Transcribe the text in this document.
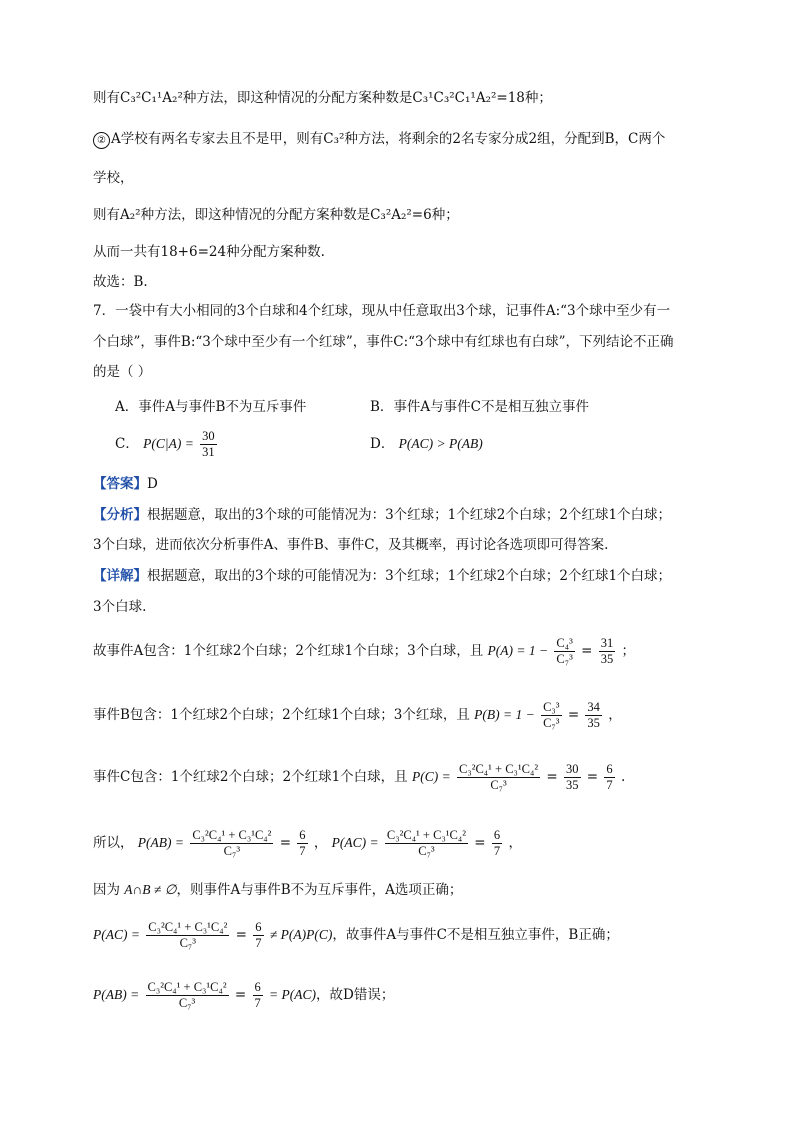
则有C₃²C₁¹A₂²种方法，即这种情况的分配方案种数是C₃¹C₃²C₁¹A₂²=18种；
② A学校有两名专家去且不是甲，则有C₃²种方法，将剩余的2名专家分成2组，分配到B，C两个
学校，
则有A₂²种方法，即这种情况的分配方案种数是C₃²A₂²=6种；
从而一共有18+6=24种分配方案种数.
故选：B.
7．一袋中有大小相同的3个白球和4个红球，现从中任意取出3个球，记事件A:“3个球中至少有一
个白球”，事件B:“3个球中至少有一个红球”，事件C:“3个球中有红球也有白球”，下列结论不正确
的是（ ）
A．事件A与事件B不为互斥事件	B．事件A与事件C不是相互独立事件
C． $P(C|A) = \frac{30}{31}$	D． P(AC) > P(AB)
【答案】D
【分析】根据题意，取出的3个球的可能情况为：3个红球；1个红球2个白球；2个红球1个白球；
3个白球，进而依次分析事件A、事件B、事件C，及其概率，再讨论各选项即可得答案.
【详解】根据题意，取出的3个球的可能情况为：3个红球；1个红球2个白球；2个红球1个白球；
3个白球.
故事件A包含：1个红球2个白球；2个红球1个白球；3个白球，且 $P(A) = 1 - \frac{\text{C₄³}}{\text{C₇³}} = \frac{31}{35}$ ；
事件B包含：1个红球2个白球；2个红球1个白球；3个红球，且 $P(B) = 1 - \frac{\text{C₃³}}{\text{C₇³}} = \frac{34}{35}$ ，
事件C包含：1个红球2个白球；2个红球1个白球，且 $P(C) = \frac{\text{C₃²C₄¹ + C₃¹C₄²}}{\text{C₇³}} = \frac{30}{35} = \frac{6}{7}$ .
所以， $P(AB) = \frac{\text{C₃²C₄¹ + C₃¹C₄²}}{\text{C₇³}} = \frac{6}{7}$ ， $P(AC) = \frac{\text{C₃²C₄¹ + C₃¹C₄²}}{\text{C₇³}} = \frac{6}{7}$ ，
因为 A∩B ≠ ∅，则事件A与事件B不为互斥事件，A选项正确；
$P(AC) = \frac{\text{C₃²C₄¹ + C₃¹C₄²}}{\text{C₇³}} = \frac{6}{7} \ne P(A)P(C)$，故事件A与事件C不是相互独立事件，B正确；
$P(AB) = \frac{\text{C₃²C₄¹ + C₃¹C₄²}}{\text{C₇³}} = \frac{6}{7} = P(AC)$，故D错误；
